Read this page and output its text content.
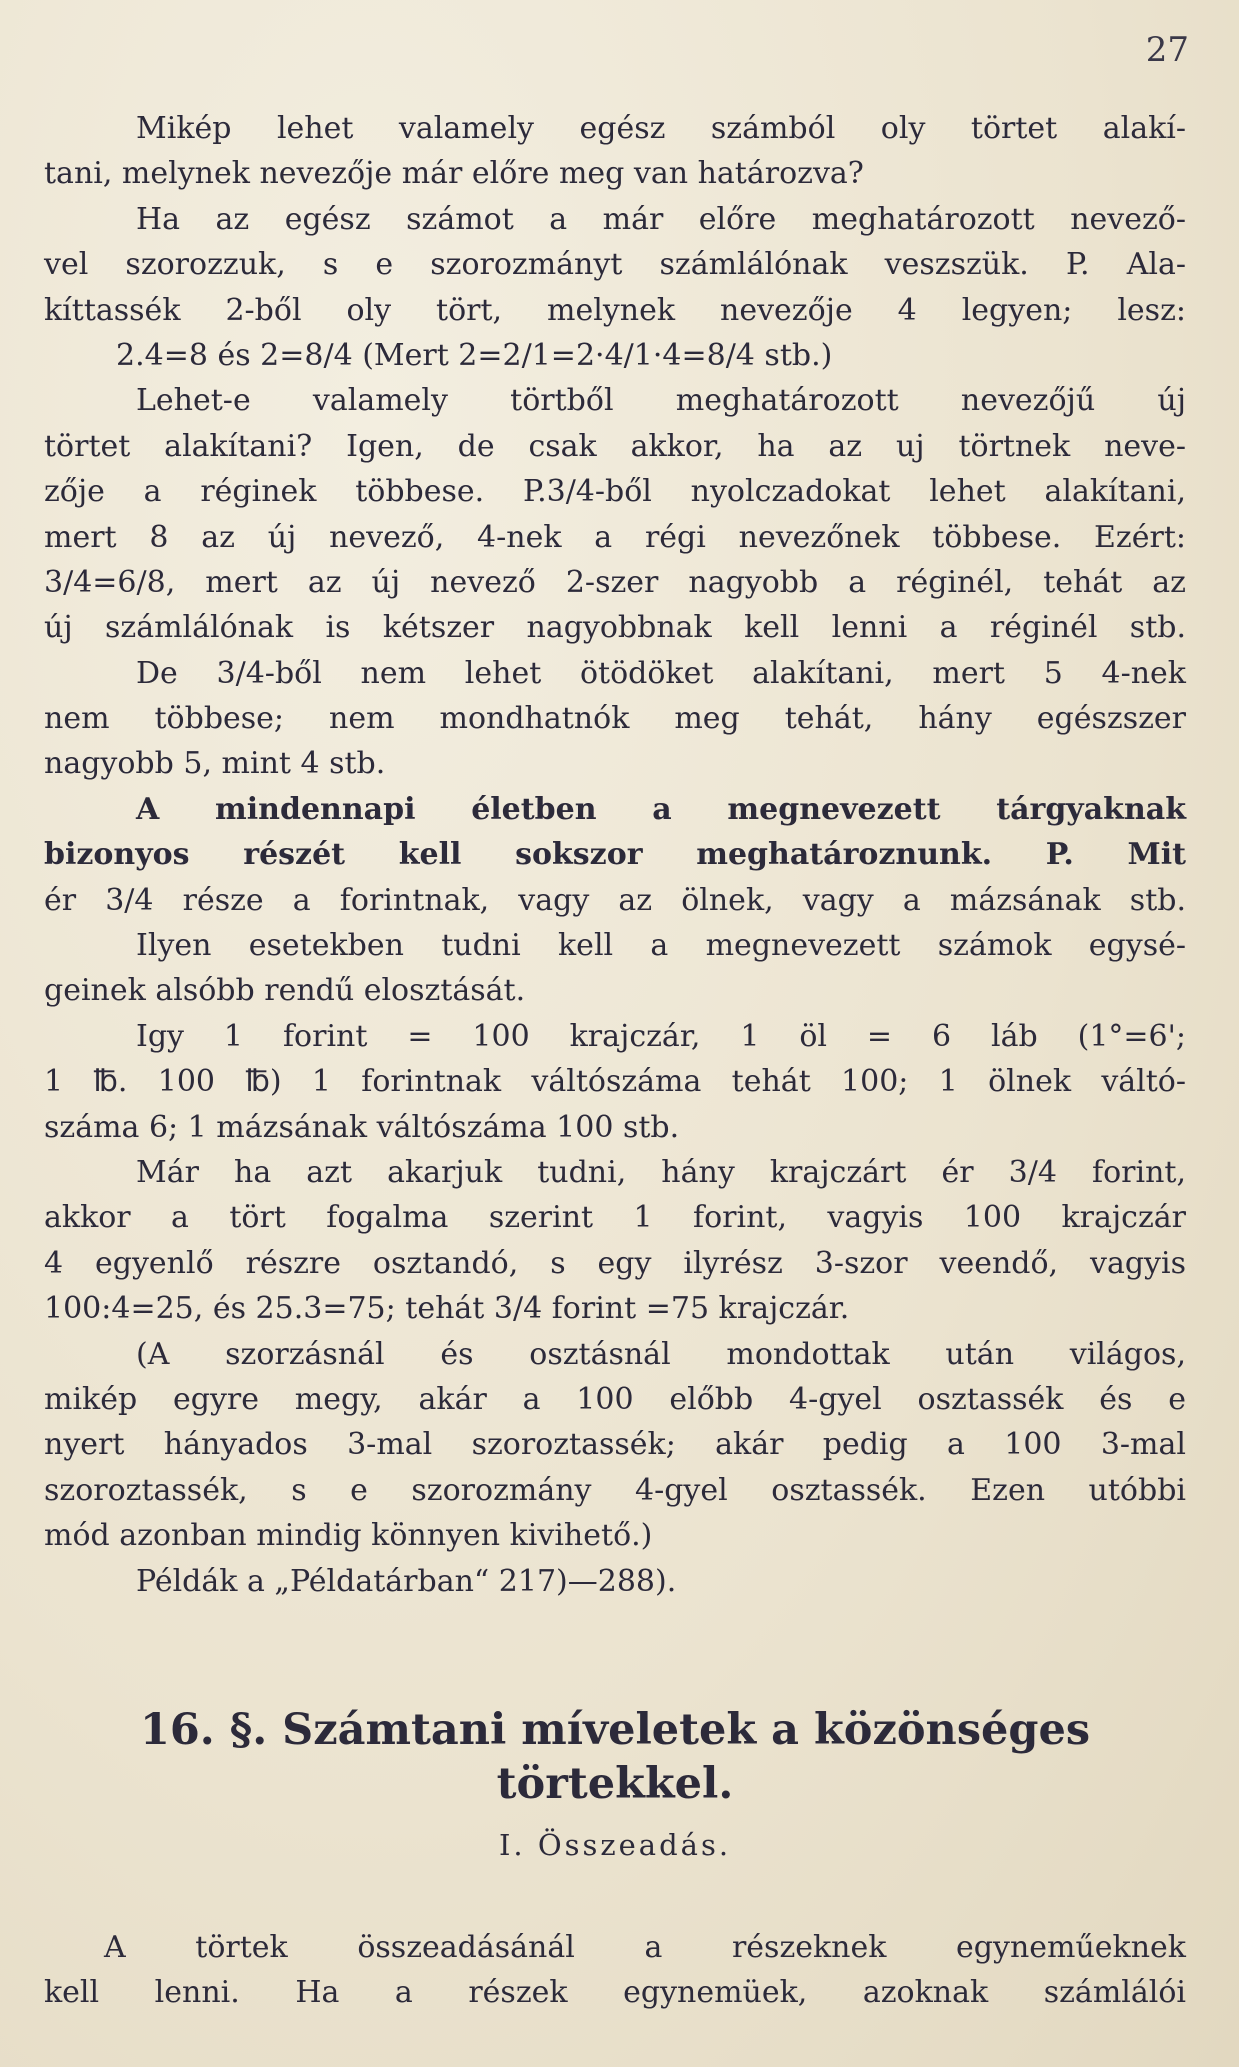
27
Mikép lehet valamely egész számból oly törtet alakí-
tani, melynek nevezője már előre meg van határozva?
Ha az egész számot a már előre meghatározott nevező-
vel szorozzuk, s e szorozmányt számlálónak veszszük. P. Ala-
kíttassék 2-ből oly tört, melynek nevezője 4 legyen; lesz:
2.4=8 és 2=8/4 (Mert 2=2/1=2·4/1·4=8/4 stb.)
Lehet-e valamely törtből meghatározott nevezőjű új
törtet alakítani? Igen, de csak akkor, ha az uj törtnek neve-
zője a réginek többese. P.3/4-ből nyolczadokat lehet alakítani,
mert 8 az új nevező, 4-nek a régi nevezőnek többese. Ezért:
3/4=6/8, mert az új nevező 2-szer nagyobb a réginél, tehát az
új számlálónak is kétszer nagyobbnak kell lenni a réginél stb.
De 3/4-ből nem lehet ötödöket alakítani, mert 5 4-nek
nem többese; nem mondhatnók meg tehát, hány egészszer
nagyobb 5, mint 4 stb.
A mindennapi életben a megnevezett tárgyaknak
bizonyos részét kell sokszor meghatároznunk. P. Mit
ér 3/4 része a forintnak, vagy az ölnek, vagy a mázsának stb.
Ilyen esetekben tudni kell a megnevezett számok egysé-
geinek alsóbb rendű elosztását.
Igy 1 forint = 100 krajczár, 1 öl = 6 láb (1°=6';
1 ℔. 100 ℔) 1 forintnak váltószáma tehát 100; 1 ölnek váltó-
száma 6; 1 mázsának váltószáma 100 stb.
Már ha azt akarjuk tudni, hány krajczárt ér 3/4 forint,
akkor a tört fogalma szerint 1 forint, vagyis 100 krajczár
4 egyenlő részre osztandó, s egy ilyrész 3-szor veendő, vagyis
100:4=25, és 25.3=75; tehát 3/4 forint =75 krajczár.
(A szorzásnál és osztásnál mondottak után világos,
mikép egyre megy, akár a 100 előbb 4-gyel osztassék és e
nyert hányados 3-mal szoroztassék; akár pedig a 100 3-mal
szoroztassék, s e szorozmány 4-gyel osztassék. Ezen utóbbi
mód azonban mindig könnyen kivihető.)
Példák a „Példatárban“ 217)—288).
16. §. Számtani míveletek a közönséges
törtekkel.
I. Összeadás.
A törtek összeadásánál a részeknek egyneműeknek
kell lenni. Ha a részek egynemüek, azoknak számlálói
